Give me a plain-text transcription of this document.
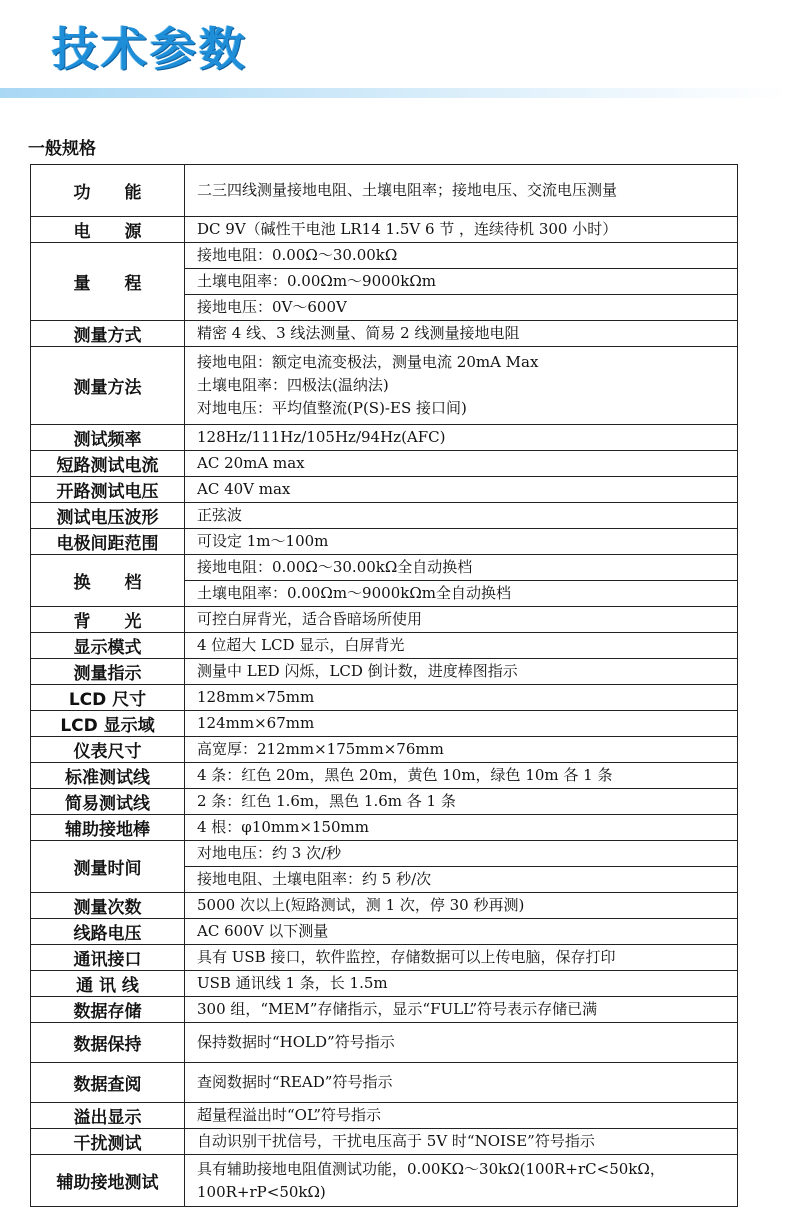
技术参数
一般规格
功　　能	二三四线测量接地电阻、土壤电阻率；接地电压、交流电压测量
电　　源	DC 9V（碱性干电池 LR14 1.5V 6 节 ，连续待机 300 小时）
量　　程	接地电阻：0.00Ω～30.00kΩ
	土壤电阻率：0.00Ωm～9000kΩm
	接地电压：0V～600V
测量方式	精密 4 线、3 线法测量、简易 2 线测量接地电阻
测量方法	接地电阻：额定电流变极法，测量电流 20mA Max
土壤电阻率：四极法(温纳法)
对地电压：平均值整流(P(S)-ES 接口间)
测试频率	128Hz/111Hz/105Hz/94Hz(AFC)
短路测试电流	AC 20mA max
开路测试电压	AC 40V max
测试电压波形	正弦波
电极间距范围	可设定 1m～100m
换　　档	接地电阻：0.00Ω～30.00kΩ全自动换档
	土壤电阻率：0.00Ωm～9000kΩm全自动换档
背　　光	可控白屏背光，适合昏暗场所使用
显示模式	4 位超大 LCD 显示，白屏背光
测量指示	测量中 LED 闪烁，LCD 倒计数，进度棒图指示
LCD 尺寸	128mm×75mm
LCD 显示域	124mm×67mm
仪表尺寸	高宽厚：212mm×175mm×76mm
标准测试线	4 条：红色 20m，黑色 20m，黄色 10m，绿色 10m 各 1 条
简易测试线	2 条：红色 1.6m，黑色 1.6m 各 1 条
辅助接地棒	4 根：φ10mm×150mm
测量时间	对地电压：约 3 次/秒
	接地电阻、土壤电阻率：约 5 秒/次
测量次数	5000 次以上(短路测试，测 1 次，停 30 秒再测)
线路电压	AC 600V 以下测量
通讯接口	具有 USB 接口，软件监控，存储数据可以上传电脑，保存打印
通 讯 线	USB 通讯线 1 条，长 1.5m
数据存储	300 组，“MEM”存储指示，显示“FULL”符号表示存储已满
数据保持	保持数据时“HOLD”符号指示
数据查阅	查阅数据时“READ”符号指示
溢出显示	超量程溢出时“OL”符号指示
干扰测试	自动识别干扰信号，干扰电压高于 5V 时“NOISE”符号指示
辅助接地测试	具有辅助接地电阻值测试功能，0.00KΩ～30kΩ(100R+rC<50kΩ，100R+rP<50kΩ)
